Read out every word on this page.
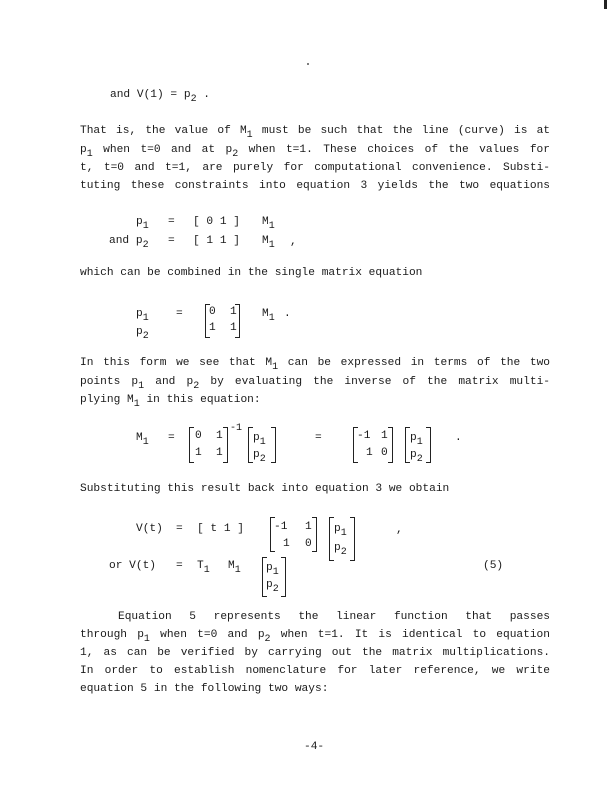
and $V(1) = p_2$ .
That is, the value of $M_1$ must be such that the line (curve) is at
$p_1$ when t=0 and at $p_2$ when t=1. These choices of the values for
t, t=0 and t=1, are purely for computational convenience. Substi-
tuting these constraints into equation 3 yields the two equations
$p_1$ = [ 0 1 ] $M_1$
and $p_2$ = [ 1 1 ] $M_1$ ,
which can be combined in the single matrix equation
$p_1$
$p_2$
= 0 1
1 1
$M_1$ .
In this form we see that $M_1$ can be expressed in terms of the two
points $p_1$ and $p_2$ by evaluating the inverse of the matrix multi-
plying $M_1$ in this equation:
$M_1 = 0$ 1
1 1
-1
$p_1$
$p_2$
=	-1 1
1 0
$p_1$
$p_2$
.
Substituting this result back into equation 3 we obtain
V(t) = [ t 1 ]	-1 1
1 0
$p_1$
$p_2$
,
or $V(t) = T_1$ $M_1$ $p_1$
$p_2$
(5)
Equation 5 represents the linear function that passes
through $p_1$ when t=0 and $p_2$ when t=1. It is identical to equation
1, as can be verified by carrying out the matrix multiplications.
In order to establish nomenclature for later reference, we write
equation 5 in the following two ways:
-4-
